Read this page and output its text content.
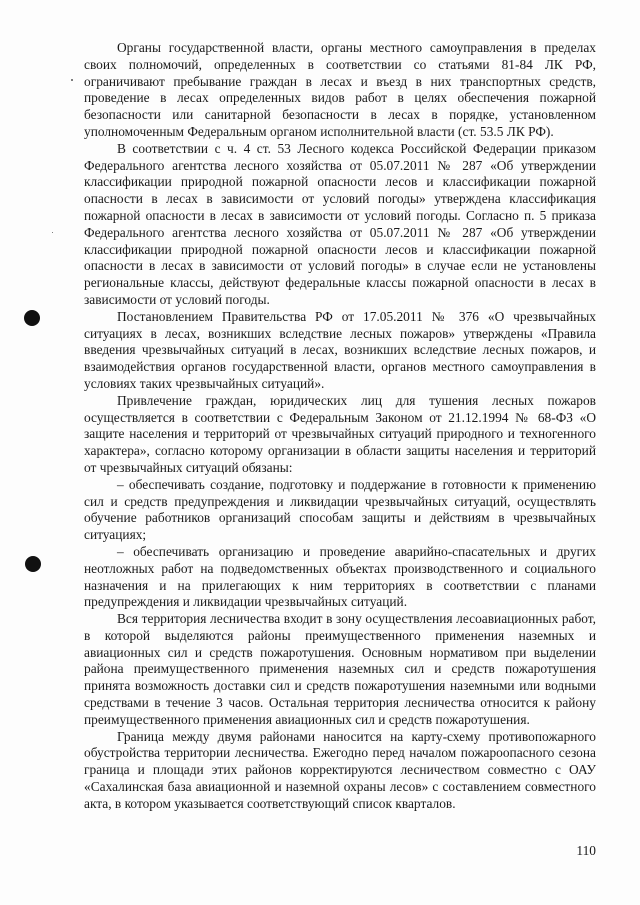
Органы государственной власти, органы местного самоуправления в пределах своих полномочий, определенных в соответствии со статьями 81-84 ЛК РФ, ограничивают пребывание граждан в лесах и въезд в них транспортных средств, проведение в лесах определенных видов работ в целях обеспечения пожарной безопасности или санитарной безопасности в лесах в порядке, установленном уполномоченным Федеральным органом исполнительной власти (ст. 53.5 ЛК РФ).

В соответствии с ч. 4 ст. 53 Лесного кодекса Российской Федерации приказом Федерального агентства лесного хозяйства от 05.07.2011 № 287 «Об утверждении классификации природной пожарной опасности лесов и классификации пожарной опасности в лесах в зависимости от условий погоды» утверждена классификация пожарной опасности в лесах в зависимости от условий погоды. Согласно п. 5 приказа Федерального агентства лесного хозяйства от 05.07.2011 № 287 «Об утверждении классификации природной пожарной опасности лесов и классификации пожарной опасности в лесах в зависимости от условий погоды» в случае если не установлены региональные классы, действуют федеральные классы пожарной опасности в лесах в зависимости от условий погоды.

Постановлением Правительства РФ от 17.05.2011 № 376 «О чрезвычайных ситуациях в лесах, возникших вследствие лесных пожаров» утверждены «Правила введения чрезвычайных ситуаций в лесах, возникших вследствие лесных пожаров, и взаимодействия органов государственной власти, органов местного самоуправления в условиях таких чрезвычайных ситуаций».

Привлечение граждан, юридических лиц для тушения лесных пожаров осуществляется в соответствии с Федеральным Законом от 21.12.1994 № 68-ФЗ «О защите населения и территорий от чрезвычайных ситуаций природного и техногенного характера», согласно которому организации в области защиты населения и территорий от чрезвычайных ситуаций обязаны:

– обеспечивать создание, подготовку и поддержание в готовности к применению сил и средств предупреждения и ликвидации чрезвычайных ситуаций, осуществлять обучение работников организаций способам защиты и действиям в чрезвычайных ситуациях;

– обеспечивать организацию и проведение аварийно-спасательных и других неотложных работ на подведомственных объектах производственного и социального назначения и на прилегающих к ним территориях в соответствии с планами предупреждения и ликвидации чрезвычайных ситуаций.

Вся территория лесничества входит в зону осуществления лесоавиационных работ, в которой выделяются районы преимущественного применения наземных и авиационных сил и средств пожаротушения. Основным нормативом при выделении района преимущественного применения наземных сил и средств пожаротушения принята возможность доставки сил и средств пожаротушения наземными или водными средствами в течение 3 часов. Остальная территория лесничества относится к району преимущественного применения авиационных сил и средств пожаротушения.

Граница между двумя районами наносится на карту-схему противопожарного обустройства территории лесничества. Ежегодно перед началом пожароопасного сезона граница и площади этих районов корректируются лесничеством совместно с ОАУ «Сахалинская база авиационной и наземной охраны лесов» с составлением совместного акта, в котором указывается соответствующий список кварталов.

110
